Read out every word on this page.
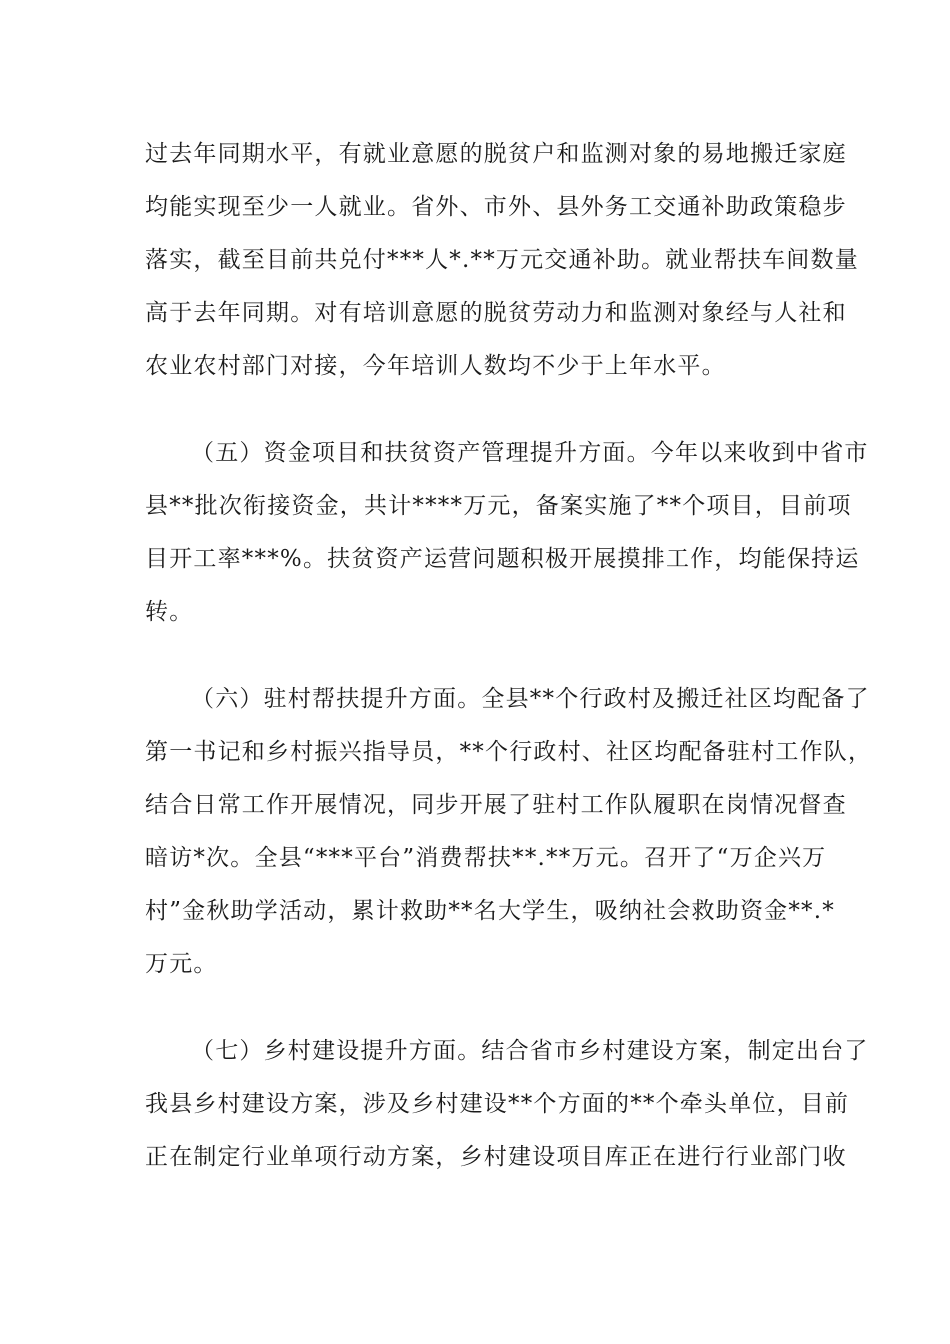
过去年同期水平，有就业意愿的脱贫户和监测对象的易地搬迁家庭
均能实现至少一人就业。省外、市外、县外务工交通补助政策稳步
落实，截至目前共兑付***人*.**万元交通补助。就业帮扶车间数量
高于去年同期。对有培训意愿的脱贫劳动力和监测对象经与人社和
农业农村部门对接，今年培训人数均不少于上年水平。
（五）资金项目和扶贫资产管理提升方面。今年以来收到中省市
县**批次衔接资金，共计****万元，备案实施了**个项目，目前项
目开工率***%。扶贫资产运营问题积极开展摸排工作，均能保持运
转。
（六）驻村帮扶提升方面。全县**个行政村及搬迁社区均配备了
第一书记和乡村振兴指导员，**个行政村、社区均配备驻村工作队，
结合日常工作开展情况，同步开展了驻村工作队履职在岗情况督查
暗访*次。全县“***平台”消费帮扶**.**万元。召开了“万企兴万
村”金秋助学活动，累计救助**名大学生，吸纳社会救助资金**.*
万元。
（七）乡村建设提升方面。结合省市乡村建设方案，制定出台了
我县乡村建设方案，涉及乡村建设**个方面的**个牵头单位，目前
正在制定行业单项行动方案，乡村建设项目库正在进行行业部门收
